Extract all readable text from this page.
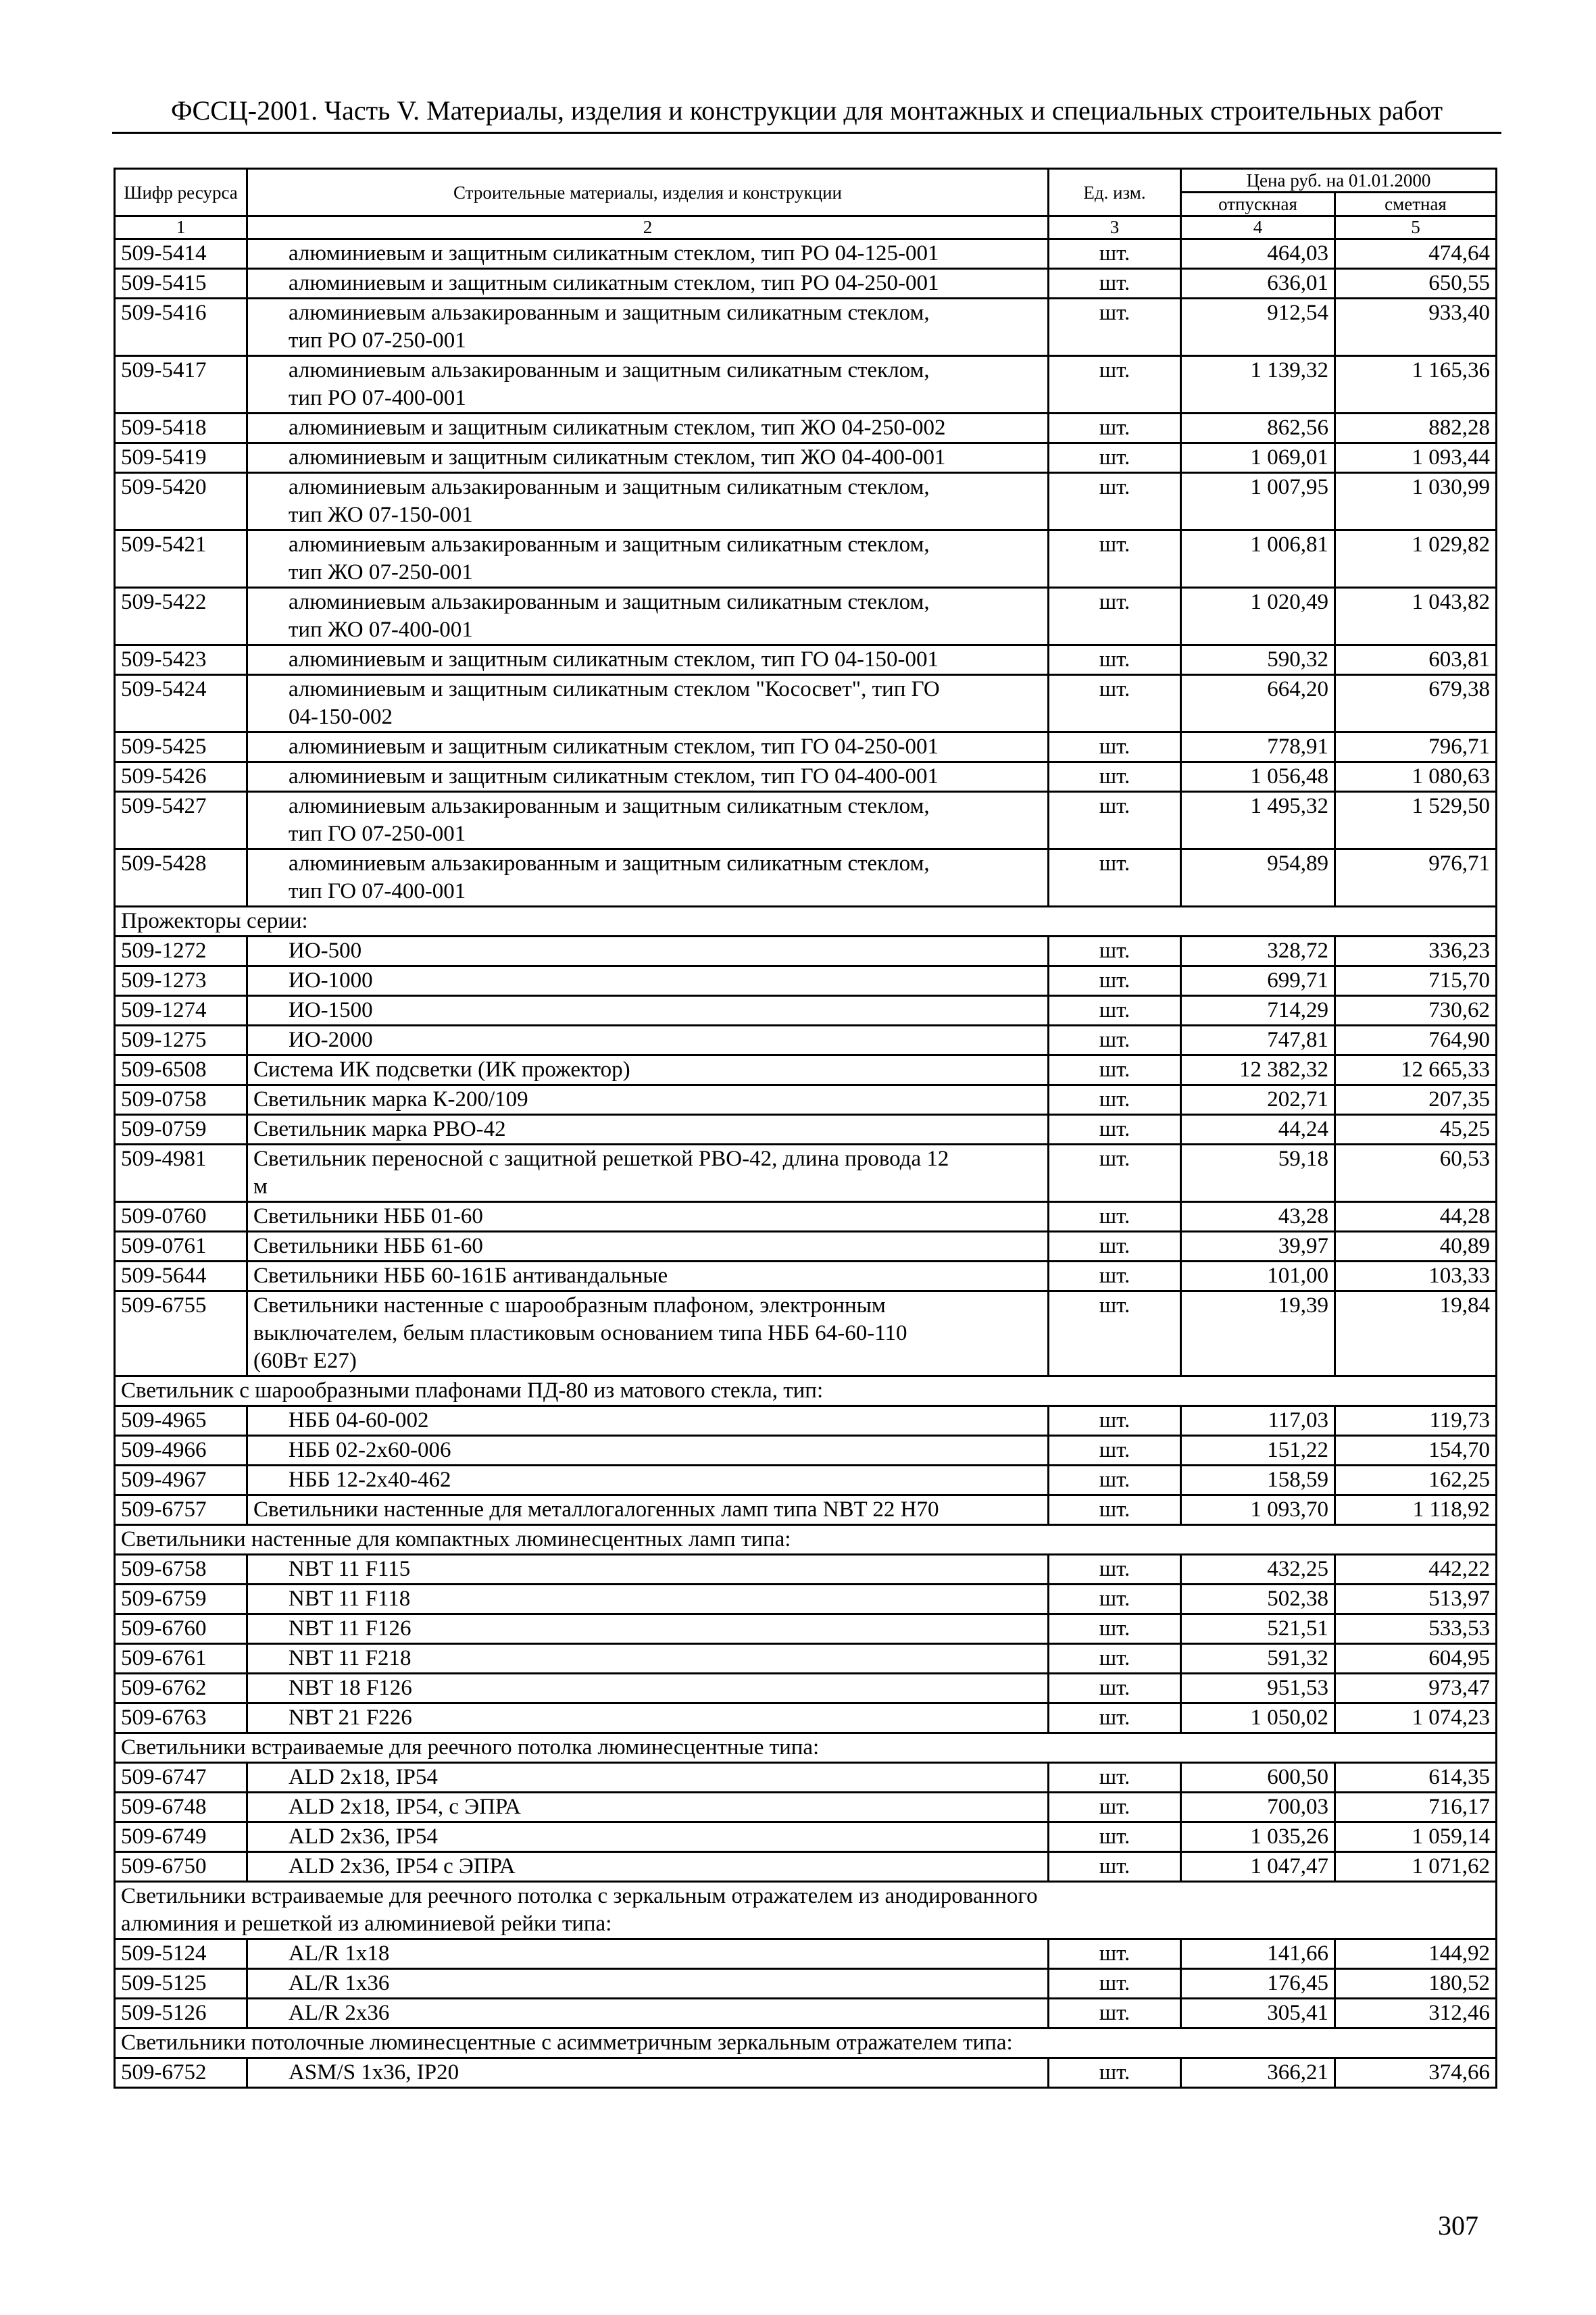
ФССЦ-2001. Часть V. Материалы, изделия и конструкции для монтажных и специальных строительных работ
Шифр ресурса	Строительные материалы, изделия и конструкции	Ед. изм.	Цена руб. на 01.01.2000	
			отпускная	сметная
1	2	3	4	5
509-5414	алюминиевым и защитным силикатным стеклом, тип РО 04-125-001	шт.	464,03	474,64
509-5415	алюминиевым и защитным силикатным стеклом, тип РО 04-250-001	шт.	636,01	650,55
509-5416	алюминиевым альзакированным и защитным силикатным стеклом,
тип РО 07-250-001	шт.	912,54	933,40
509-5417	алюминиевым альзакированным и защитным силикатным стеклом,
тип РО 07-400-001	шт.	1 139,32	1 165,36
509-5418	алюминиевым и защитным силикатным стеклом, тип ЖО 04-250-002	шт.	862,56	882,28
509-5419	алюминиевым и защитным силикатным стеклом, тип ЖО 04-400-001	шт.	1 069,01	1 093,44
509-5420	алюминиевым альзакированным и защитным силикатным стеклом,
тип ЖО 07-150-001	шт.	1 007,95	1 030,99
509-5421	алюминиевым альзакированным и защитным силикатным стеклом,
тип ЖО 07-250-001	шт.	1 006,81	1 029,82
509-5422	алюминиевым альзакированным и защитным силикатным стеклом,
тип ЖО 07-400-001	шт.	1 020,49	1 043,82
509-5423	алюминиевым и защитным силикатным стеклом, тип ГО 04-150-001	шт.	590,32	603,81
509-5424	алюминиевым и защитным силикатным стеклом "Кососвет", тип ГО
04-150-002	шт.	664,20	679,38
509-5425	алюминиевым и защитным силикатным стеклом, тип ГО 04-250-001	шт.	778,91	796,71
509-5426	алюминиевым и защитным силикатным стеклом, тип ГО 04-400-001	шт.	1 056,48	1 080,63
509-5427	алюминиевым альзакированным и защитным силикатным стеклом,
тип ГО 07-250-001	шт.	1 495,32	1 529,50
509-5428	алюминиевым альзакированным и защитным силикатным стеклом,
тип ГО 07-400-001	шт.	954,89	976,71
Прожекторы серии:				
509-1272	ИО-500	шт.	328,72	336,23
509-1273	ИО-1000	шт.	699,71	715,70
509-1274	ИО-1500	шт.	714,29	730,62
509-1275	ИО-2000	шт.	747,81	764,90
509-6508	Система ИК подсветки (ИК прожектор)	шт.	12 382,32	12 665,33
509-0758	Светильник марка К-200/109	шт.	202,71	207,35
509-0759	Светильник марка РВО-42	шт.	44,24	45,25
509-4981	Светильник переносной с защитной решеткой РВО-42, длина провода 12
м	шт.	59,18	60,53
509-0760	Светильники НББ 01-60	шт.	43,28	44,28
509-0761	Светильники НББ 61-60	шт.	39,97	40,89
509-5644	Светильники НББ 60-161Б антивандальные	шт.	101,00	103,33
509-6755	Светильники настенные с шарообразным плафоном, электронным
выключателем, белым пластиковым основанием типа НББ 64-60-110
(60Вт Е27)	шт.	19,39	19,84
Светильник с шарообразными плафонами ПД-80 из матового стекла, тип:				
509-4965	НББ 04-60-002	шт.	117,03	119,73
509-4966	НББ 02-2х60-006	шт.	151,22	154,70
509-4967	НББ 12-2х40-462	шт.	158,59	162,25
509-6757	Светильники настенные для металлогалогенных ламп типа NBT 22 H70	шт.	1 093,70	1 118,92
Светильники настенные для компактных люминесцентных ламп типа:				
509-6758	NBT 11 F115	шт.	432,25	442,22
509-6759	NBT 11 F118	шт.	502,38	513,97
509-6760	NBT 11 F126	шт.	521,51	533,53
509-6761	NBT 11 F218	шт.	591,32	604,95
509-6762	NBT 18 F126	шт.	951,53	973,47
509-6763	NBT 21 F226	шт.	1 050,02	1 074,23
Светильники встраиваемые для реечного потолка люминесцентные типа:				
509-6747	ALD 2x18, IP54	шт.	600,50	614,35
509-6748	ALD 2x18, IP54, с ЭПРА	шт.	700,03	716,17
509-6749	ALD 2x36, IP54	шт.	1 035,26	1 059,14
509-6750	ALD 2x36, IP54 с ЭПРА	шт.	1 047,47	1 071,62
Светильники встраиваемые для реечного потолка с зеркальным отражателем из анодированного
алюминия и решеткой из алюминиевой рейки типа:				
509-5124	AL/R 1x18	шт.	141,66	144,92
509-5125	AL/R 1x36	шт.	176,45	180,52
509-5126	AL/R 2x36	шт.	305,41	312,46
Светильники потолочные люминесцентные с асимметричным зеркальным отражателем типа:				
509-6752	ASM/S 1x36, IP20	шт.	366,21	374,66
307
